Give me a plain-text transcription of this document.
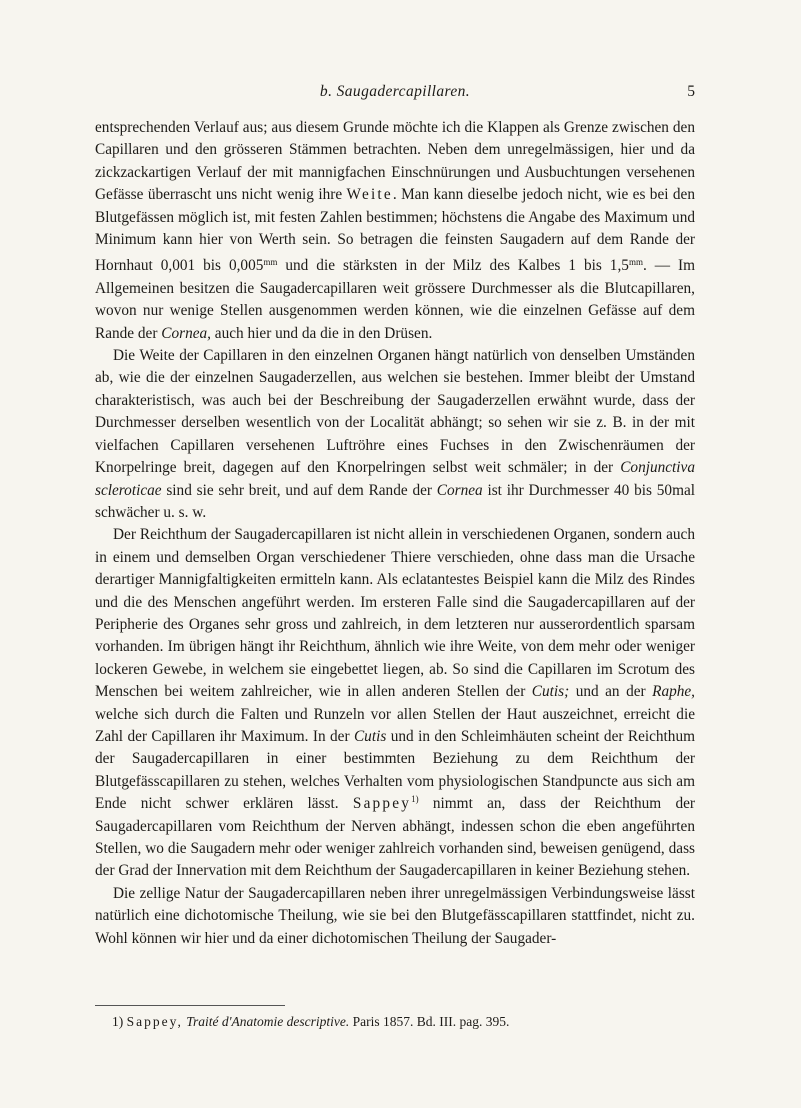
b. Saugadercapillaren.	5

entsprechenden Verlauf aus; aus diesem Grunde möchte ich die Klappen als Grenze zwischen den Capillaren und den grösseren Stämmen betrachten. Neben dem unregelmässigen, hier und da zickzackartigen Verlauf der mit mannigfachen Einschnürungen und Ausbuchtungen versehenen Gefässe überrascht uns nicht wenig ihre Weite. Man kann dieselbe jedoch nicht, wie es bei den Blutgefässen möglich ist, mit festen Zahlen bestimmen; höchstens die Angabe des Maximum und Minimum kann hier von Werth sein. So betragen die feinsten Saugadern auf dem Rande der Hornhaut 0,001 bis $0,005^{mm}$ und die stärksten in der Milz des Kalbes 1 bis $1,5^{mm}$. — Im Allgemeinen besitzen die Saugadercapillaren weit grössere Durchmesser als die Blutcapillaren, wovon nur wenige Stellen ausgenommen werden können, wie die einzelnen Gefässe auf dem Rande der Cornea, auch hier und da die in den Drüsen.

Die Weite der Capillaren in den einzelnen Organen hängt natürlich von denselben Umständen ab, wie die der einzelnen Saugaderzellen, aus welchen sie bestehen. Immer bleibt der Umstand charakteristisch, was auch bei der Beschreibung der Saugaderzellen erwähnt wurde, dass der Durchmesser derselben wesentlich von der Localität abhängt; so sehen wir sie z. B. in der mit vielfachen Capillaren versehenen Luftröhre eines Fuchses in den Zwischenräumen der Knorpelringe breit, dagegen auf den Knorpelringen selbst weit schmäler; in der Conjunctiva scleroticae sind sie sehr breit, und auf dem Rande der Cornea ist ihr Durchmesser 40 bis 50mal schwächer u. s. w.

Der Reichthum der Saugadercapillaren ist nicht allein in verschiedenen Organen, sondern auch in einem und demselben Organ verschiedener Thiere verschieden, ohne dass man die Ursache derartiger Mannigfaltigkeiten ermitteln kann. Als eclatantestes Beispiel kann die Milz des Rindes und die des Menschen angeführt werden. Im ersteren Falle sind die Saugadercapillaren auf der Peripherie des Organes sehr gross und zahlreich, in dem letzteren nur ausserordentlich sparsam vorhanden. Im übrigen hängt ihr Reichthum, ähnlich wie ihre Weite, von dem mehr oder weniger lockeren Gewebe, in welchem sie eingebettet liegen, ab. So sind die Capillaren im Scrotum des Menschen bei weitem zahlreicher, wie in allen anderen Stellen der Cutis; und an der Raphe, welche sich durch die Falten und Runzeln vor allen Stellen der Haut auszeichnet, erreicht die Zahl der Capillaren ihr Maximum. In der Cutis und in den Schleimhäuten scheint der Reichthum der Saugadercapillaren in einer bestimmten Beziehung zu dem Reichthum der Blutgefässcapillaren zu stehen, welches Verhalten vom physiologischen Standpuncte aus sich am Ende nicht schwer erklären lässt. Sappey$^{1)}$ nimmt an, dass der Reichthum der Saugadercapillaren vom Reichthum der Nerven abhängt, indessen schon die eben angeführten Stellen, wo die Saugadern mehr oder weniger zahlreich vorhanden sind, beweisen genügend, dass der Grad der Innervation mit dem Reichthum der Saugadercapillaren in keiner Beziehung stehen.

Die zellige Natur der Saugadercapillaren neben ihrer unregelmässigen Verbindungsweise lässt natürlich eine dichotomische Theilung, wie sie bei den Blutgefässcapillaren stattfindet, nicht zu. Wohl können wir hier und da einer dichotomischen Theilung der Saugader-

1) Sappey, Traité d'Anatomie descriptive. Paris 1857. Bd. III. pag. 395.
